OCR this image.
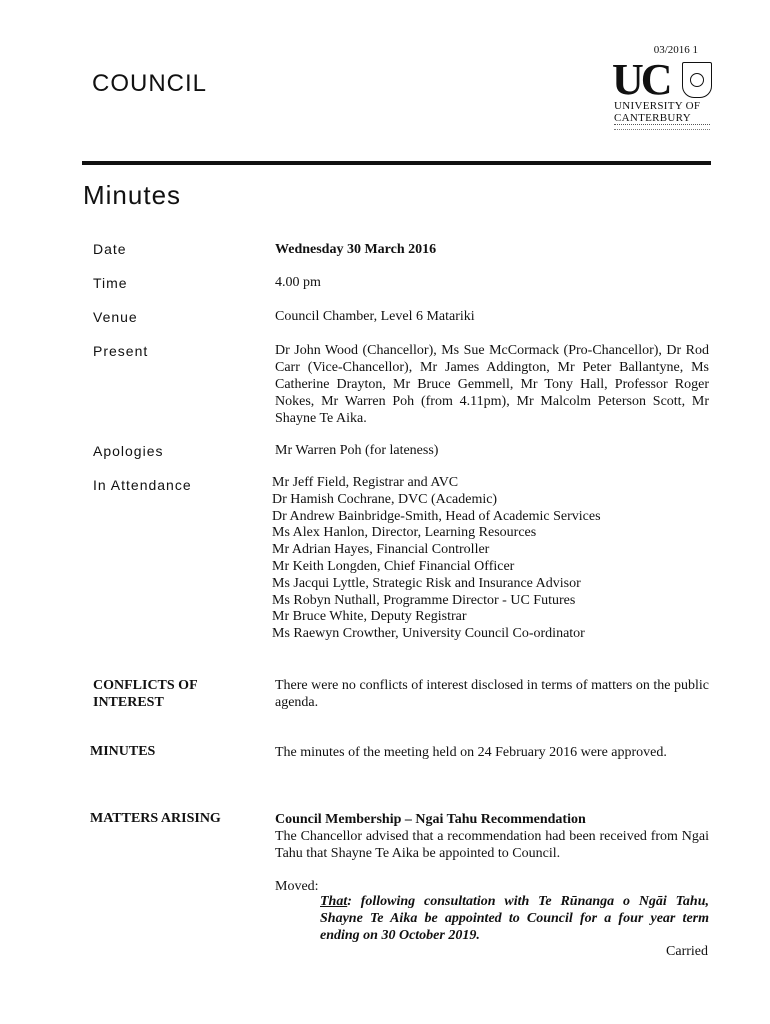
03/2016 1
COUNCIL	UC
UNIVERSITY OF
CANTERBURY
Minutes
Date	Wednesday 30 March 2016
Time	4.00 pm
Venue	Council Chamber, Level 6 Matariki
Present	Dr John Wood (Chancellor), Ms Sue McCormack (Pro-Chancellor), Dr Rod Carr (Vice-Chancellor), Mr James Addington, Mr Peter Ballantyne, Ms Catherine Drayton, Mr Bruce Gemmell, Mr Tony Hall, Professor Roger Nokes, Mr Warren Poh (from 4.11pm), Mr Malcolm Peterson Scott, Mr Shayne Te Aika.
Apologies	Mr Warren Poh (for lateness)
In Attendance	Mr Jeff Field, Registrar and AVC
Dr Hamish Cochrane, DVC (Academic)
Dr Andrew Bainbridge-Smith, Head of Academic Services
Ms Alex Hanlon, Director, Learning Resources
Mr Adrian Hayes, Financial Controller
Mr Keith Longden, Chief Financial Officer
Ms Jacqui Lyttle, Strategic Risk and Insurance Advisor
Ms Robyn Nuthall, Programme Director - UC Futures
Mr Bruce White, Deputy Registrar
Ms Raewyn Crowther, University Council Co-ordinator
CONFLICTS OF
INTEREST
There were no conflicts of interest disclosed in terms of matters on the public agenda.
MINUTES	The minutes of the meeting held on 24 February 2016 were approved.
MATTERS ARISING	Council Membership – Ngai Tahu Recommendation
The Chancellor advised that a recommendation had been received from Ngai Tahu that Shayne Te Aika be appointed to Council.
Moved:
That: following consultation with Te Rūnanga o Ngāi Tahu, Shayne Te Aika be appointed to Council for a four year term ending on 30 October 2019.
Carried
